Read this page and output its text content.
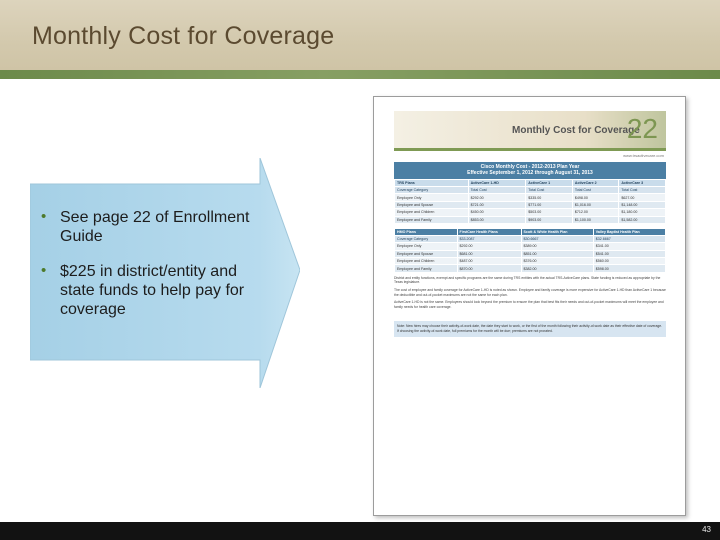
Monthly Cost for Coverage
• See page 22 of Enrollment Guide
• $225 in district/entity and state funds to help pay for coverage
Monthly Cost for Coverage
22
www.trsactivecare.com
Cisco Monthly Cost - 2012-2013 Plan Year
Effective September 1, 2012 through August 31, 2013
TRS Plans	ActiveCare 1-HD	ActiveCare 1	ActiveCare 2	ActiveCare 3
Coverage Category	Total Cost	Total Cost	Total Cost	Total Cost
Employee Only	$292.00	$335.00	$498.00	$627.00
Employee and Spouse	$721.00	$771.00	$1,016.00	$1,148.00
Employee and Children	$450.00	$503.00	$712.00	$1,180.00
Employee and Family	$853.00	$903.00	$1,100.00	$1,582.00
HMO Plans	FirstCare Health Plans	Scott & White Health Plan	Valley Baptist Health Plan
Coverage Category	$33.2087	$30.6667	$32.6667
Employee Only	$292.00	$389.00	$341.00
Employee and Spouse	$681.00	$851.00	$541.00
Employee and Children	$487.00	$376.00	$560.00
Employee and Family	$870.00	$382.00	$598.00
District and entity functions, exempt and specific programs are the same during TRS entities with the actual TRS-ActiveCare plans. State funding is reduced as appropriate by the Texas legislature.
The cost of employee and family coverage for ActiveCare 1-HD is noted as shown. Employee and family coverage is more expensive for ActiveCare 1-HD than ActiveCare 1 because the deductible and out-of-pocket maximums are not the same for each plan.
ActiveCare 1-HD is not the same. Employees should look beyond the premium to ensure the plan that best fits their needs and out-of-pocket maximums will meet the employee and family needs for health care coverage.
Note: New hires may choose their activity-of-work date, the date they start to work, or the first of the month following their activity-of-work date as their effective date of coverage. If choosing the activity-of-work date, full premiums for the month will be due; premiums are not prorated.
43
